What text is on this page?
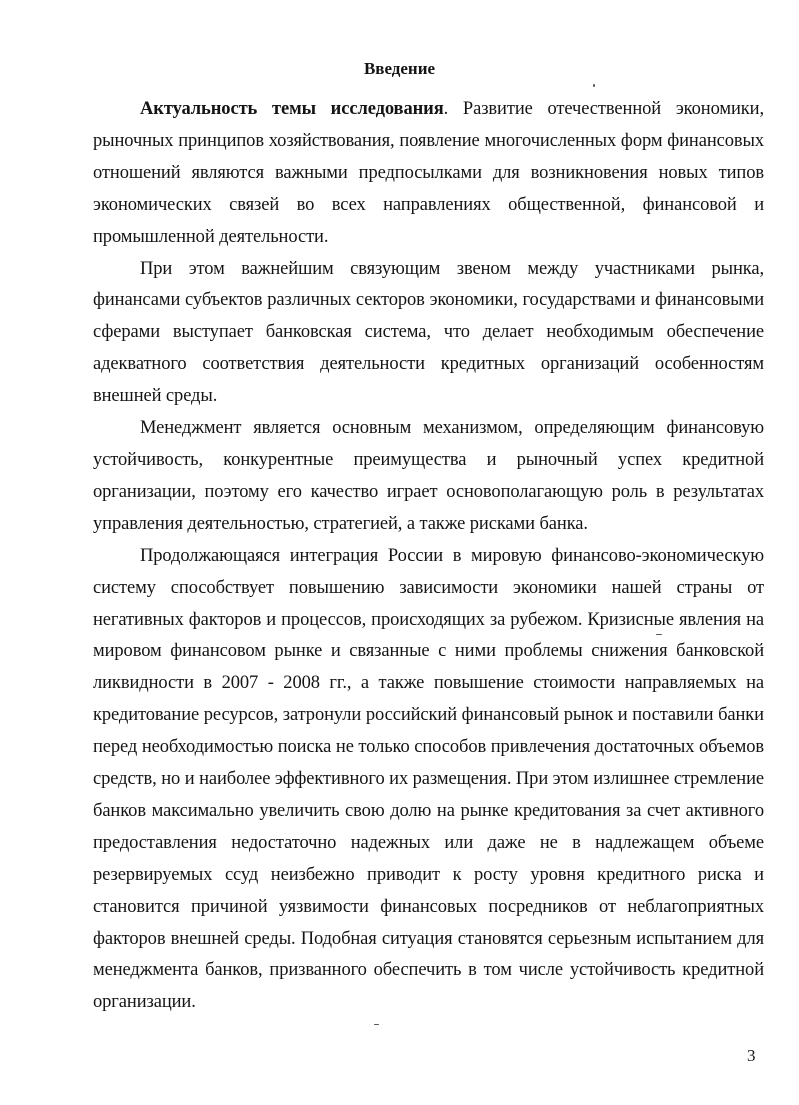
Введение

Актуальность темы исследования. Развитие отечественной экономики, рыночных принципов хозяйствования, появление многочисленных форм финансовых отношений являются важными предпосылками для возникновения новых типов экономических связей во всех направлениях общественной, финансовой и промышленной деятельности.

При этом важнейшим связующим звеном между участниками рынка, финансами субъектов различных секторов экономики, государствами и финансовыми сферами выступает банковская система, что делает необходимым обеспечение адекватного соответствия деятельности кредитных организаций особенностям внешней среды.

Менеджмент является основным механизмом, определяющим финансовую устойчивость, конкурентные преимущества и рыночный успех кредитной организации, поэтому его качество играет основополагающую роль в результатах управления деятельностью, стратегией, а также рисками банка.

Продолжающаяся интеграция России в мировую финансово-экономическую систему способствует повышению зависимости экономики нашей страны от негативных факторов и процессов, происходящих за рубежом. Кризисные явления на мировом финансовом рынке и связанные с ними проблемы снижения банковской ликвидности в 2007 - 2008 гг., а также повышение стоимости направляемых на кредитование ресурсов, затронули российский финансовый рынок и поставили банки перед необходимостью поиска не только способов привлечения достаточных объемов средств, но и наиболее эффективного их размещения. При этом излишнее стремление банков максимально увеличить свою долю на рынке кредитования за счет активного предоставления недостаточно надежных или даже не в надлежащем объеме резервируемых ссуд неизбежно приводит к росту уровня кредитного риска и становится причиной уязвимости финансовых посредников от неблагоприятных факторов внешней среды. Подобная ситуация становятся серьезным испытанием для менеджмента банков, призванного обеспечить в том числе устойчивость кредитной организации.

3
